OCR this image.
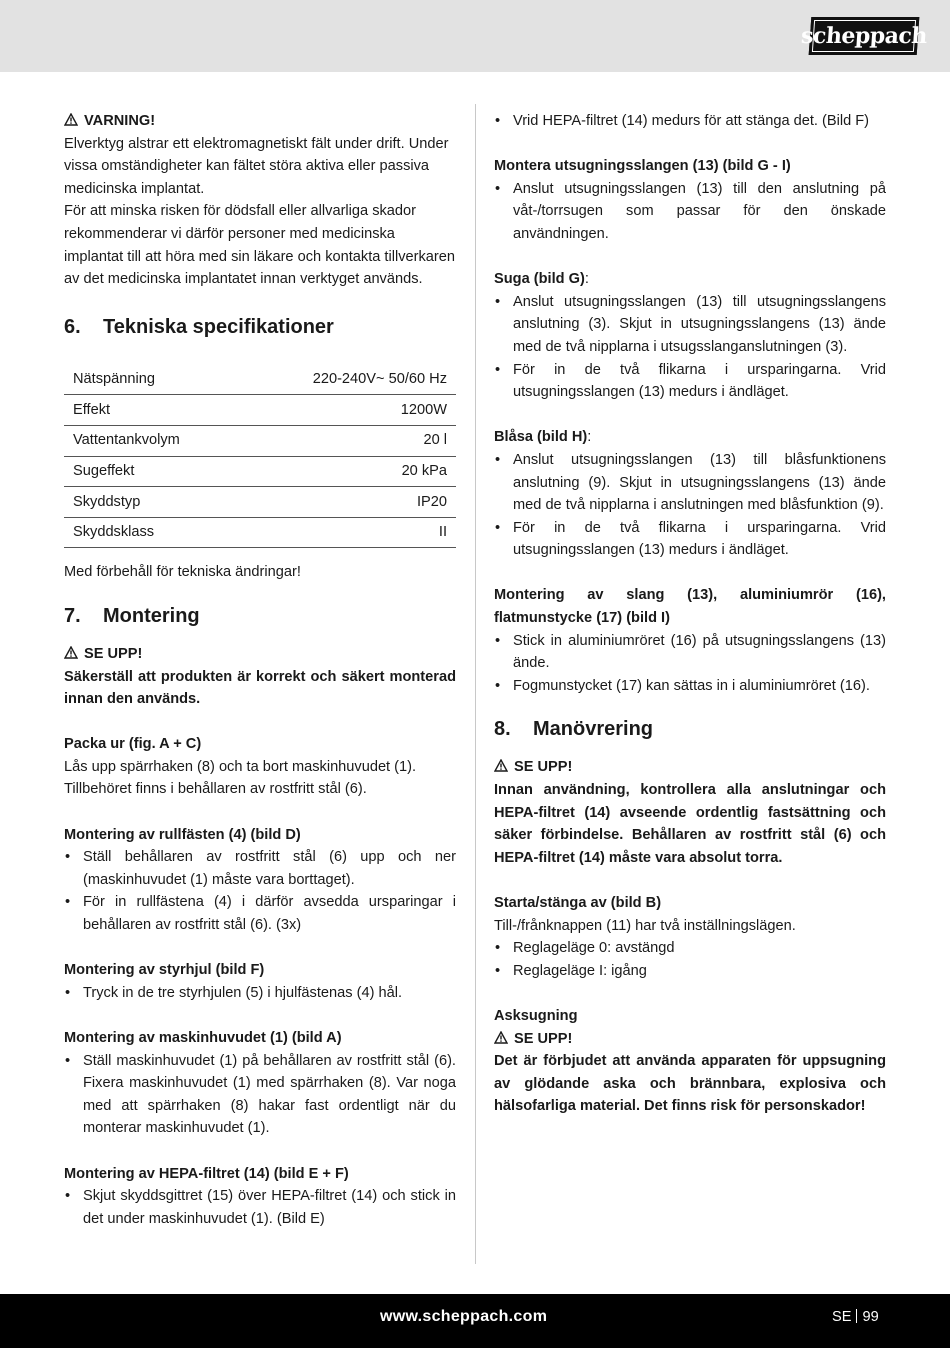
scheppach

VARNING!

Elverktyg alstrar ett elektromagnetiskt fält under drift. Under vissa omständigheter kan fältet störa aktiva eller passiva medicinska implantat.

För att minska risken för dödsfall eller allvarliga skador rekommenderar vi därför personer med medicinska implantat till att höra med sin läkare och kontakta tillverkaren av det medicinska implantatet innan verktyget används.

6.	Tekniska specifikationer
Nätspänning	220-240V~ 50/60 Hz
Effekt	1200W
Vattentankvolym	20 l
Sugeffekt	20 kPa
Skyddstyp	IP20
Skyddsklass	II

Med förbehåll för tekniska ändringar!

7.	Montering

SE UPP!

Säkerställ att produkten är korrekt och säkert monterad innan den används.

Packa ur (fig. A + C)

Lås upp spärrhaken (8) och ta bort maskinhuvudet (1). Tillbehöret finns i behållaren av rostfritt stål (6).

Montering av rullfästen (4) (bild D)

• Ställ behållaren av rostfritt stål (6) upp och ner (maskinhuvudet (1) måste vara borttaget).
• För in rullfästena (4) i därför avsedda ursparingar i behållaren av rostfritt stål (6). (3x)

Montering av styrhjul (bild F)

• Tryck in de tre styrhjulen (5) i hjulfästenas (4) hål.

Montering av maskinhuvudet (1) (bild A)

• Ställ maskinhuvudet (1) på behållaren av rostfritt stål (6). Fixera maskinhuvudet (1) med spärrhaken (8). Var noga med att spärrhaken (8) hakar fast ordentligt när du monterar maskinhuvudet (1).

Montering av HEPA-filtret (14) (bild E + F)

• Skjut skyddsgittret (15) över HEPA-filtret (14) och stick in det under maskinhuvudet (1). (Bild E)
• Vrid HEPA-filtret (14) medurs för att stänga det. (Bild F)

Montera utsugningsslangen (13) (bild G - I)

• Anslut utsugningsslangen (13) till den anslutning på våt-/torrsugen som passar för den önskade användningen.

Suga (bild G):

• Anslut utsugningsslangen (13) till utsugningsslangens anslutning (3). Skjut in utsugningsslangens (13) ände med de två nipplarna i utsugsslanganslutningen (3).
• För in de två flikarna i ursparingarna. Vrid utsugningsslangen (13) medurs i ändläget.

Blåsa (bild H):

• Anslut utsugningsslangen (13) till blåsfunktionens anslutning (9). Skjut in utsugningsslangens (13) ände med de två nipplarna i anslutningen med blåsfunktion (9).
• För in de två flikarna i ursparingarna. Vrid utsugningsslangen (13) medurs i ändläget.

Montering av slang (13), aluminiumrör (16), flatmunstycke (17) (bild I)

• Stick in aluminiumröret (16) på utsugningsslangens (13) ände.
• Fogmunstycket (17) kan sättas in i aluminiumröret (16).
8.	Manövrering

SE UPP!

Innan användning, kontrollera alla anslutningar och HEPA-filtret (14) avseende ordentlig fastsättning och säker förbindelse. Behållaren av rostfritt stål (6) och HEPA-filtret (14) måste vara absolut torra.

Starta/stänga av (bild B)

Till-/frånknappen (11) har två inställningslägen.

• Reglageläge 0: avstängd
• Reglageläge I: igång

Asksugning

SE UPP!

Det är förbjudet att använda apparaten för uppsugning av glödande aska och brännbara, explosiva och hälsofarliga material. Det finns risk för personskador!

www.scheppach.com	SE 99
